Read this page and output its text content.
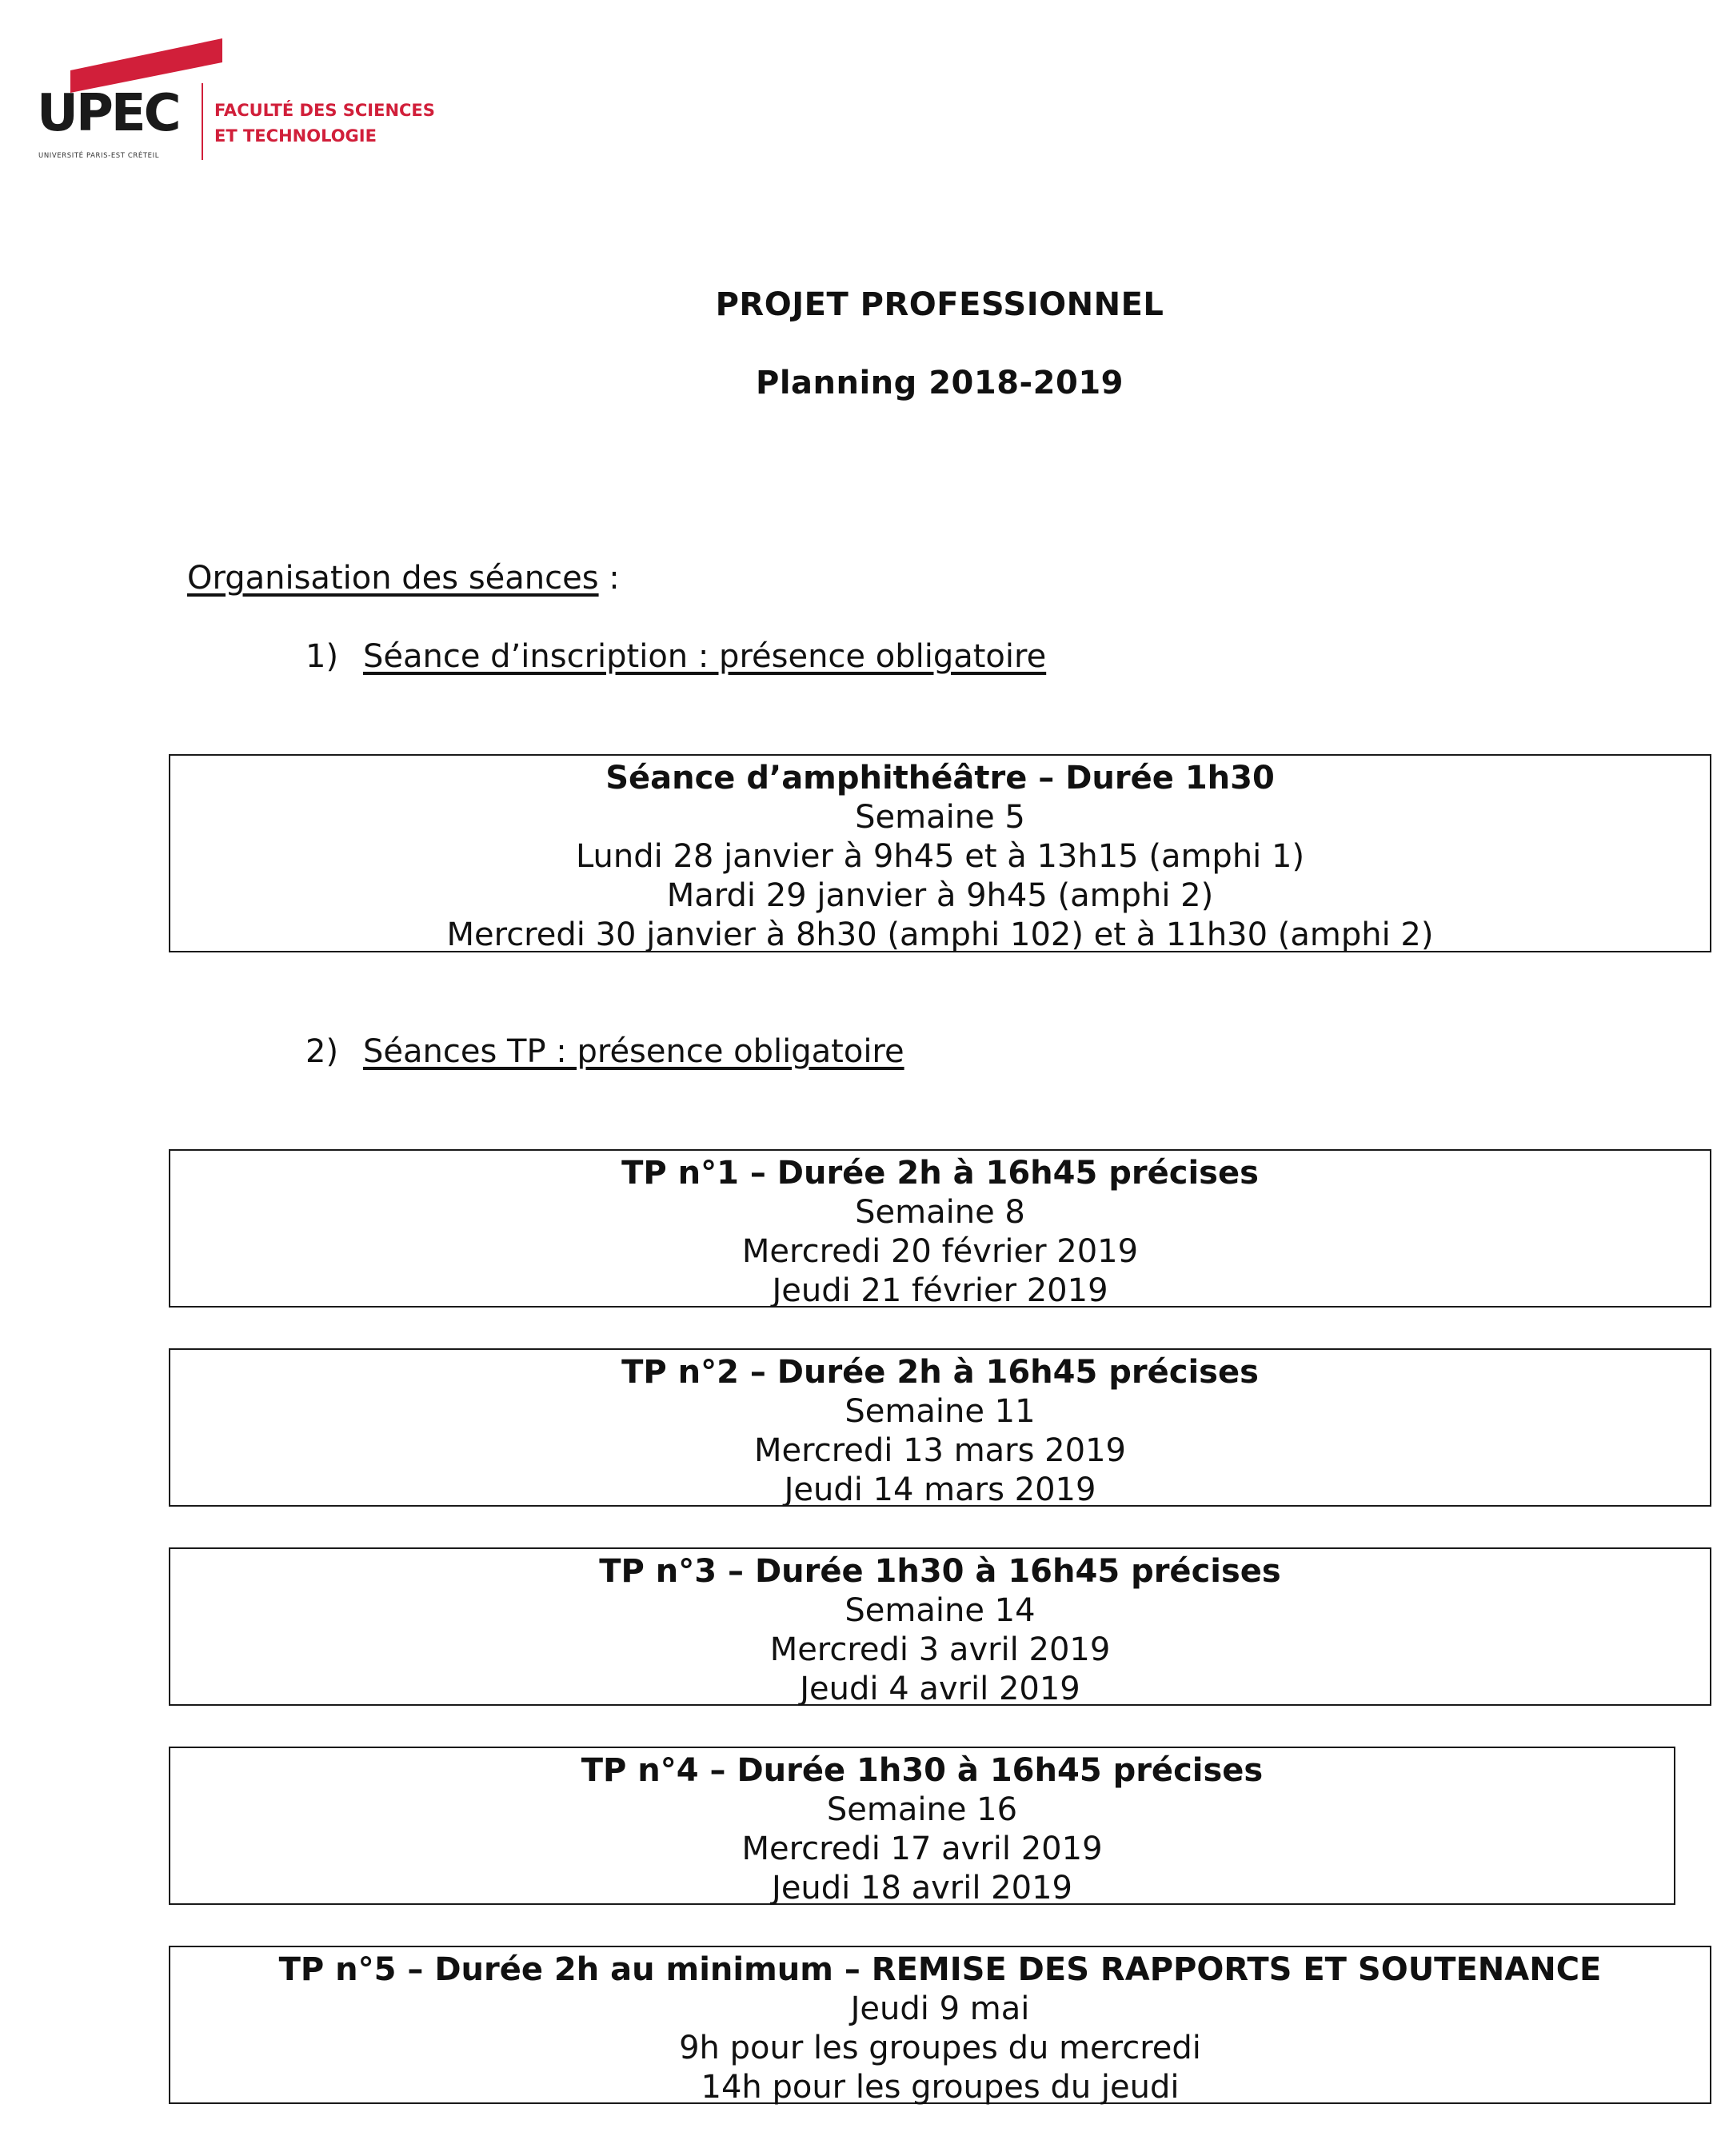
UPEC
UNIVERSITÉ PARIS-EST CRÉTEIL
FACULTÉ DES SCIENCES
ET TECHNOLOGIE
PROJET PROFESSIONNEL
Planning 2018-2019
Organisation des séances :
1) Séance d’inscription : présence obligatoire
Séance d’amphithéâtre – Durée 1h30
Semaine 5
Lundi 28 janvier à 9h45 et à 13h15 (amphi 1)
Mardi 29 janvier à 9h45 (amphi 2)
Mercredi 30 janvier à 8h30 (amphi 102) et à 11h30 (amphi 2)
2) Séances TP : présence obligatoire
TP n°1 – Durée 2h à 16h45 précises
Semaine 8
Mercredi 20 février 2019
Jeudi 21 février 2019
TP n°2 – Durée 2h à 16h45 précises
Semaine 11
Mercredi 13 mars 2019
Jeudi 14 mars 2019
TP n°3 – Durée 1h30 à 16h45 précises
Semaine 14
Mercredi 3 avril 2019
Jeudi 4 avril 2019
TP n°4 – Durée 1h30 à 16h45 précises
Semaine 16
Mercredi 17 avril 2019
Jeudi 18 avril 2019
TP n°5 – Durée 2h au minimum – REMISE DES RAPPORTS ET SOUTENANCE
Jeudi 9 mai
9h pour les groupes du mercredi
14h pour les groupes du jeudi
